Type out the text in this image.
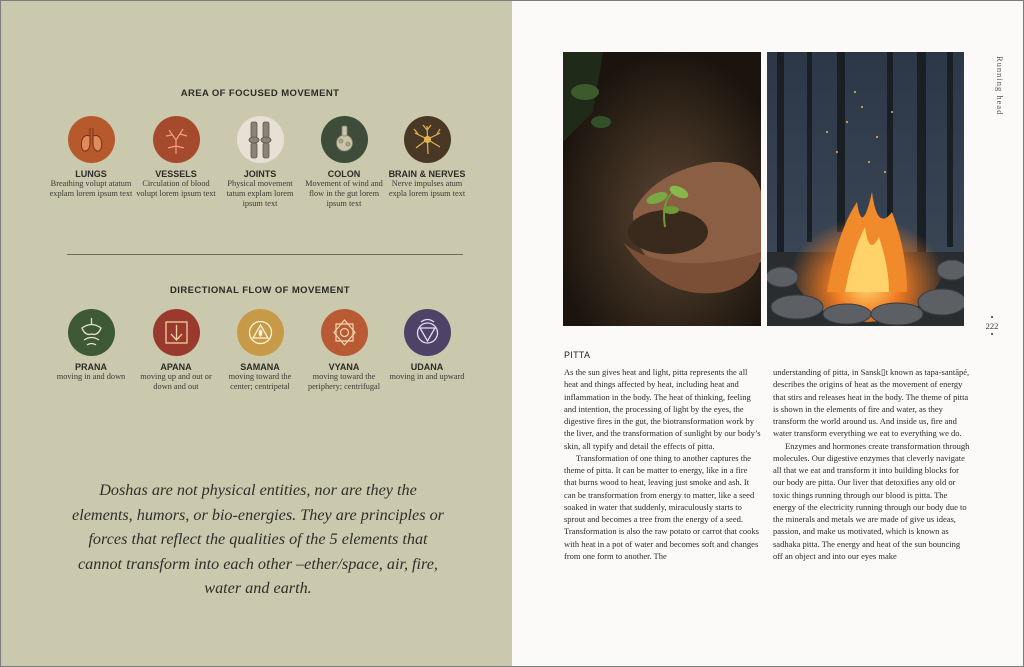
AREA OF FOCUSED MOVEMENT
LUNGS
Breathing volupt atatum explam lorem ipsum text
VESSELS
Circulation of blood volupt lorem ipsum text
JOINTS
Physical movement tatum explam lorem ipsum text
COLON
Movement of wind and flow in the gut lorem ipsum text
BRAIN & NERVES
Nerve impulses atum expla lorem ipsum text
DIRECTIONAL FLOW OF MOVEMENT
PRANA
moving in and down
APANA
moving up and out or down and out
SAMANA
moving toward the center; centripetal
VYANA
moving toward the periphery; centrifugal
UDANA
moving in and upward
Doshas are not physical entities, nor are they the elements, humors, or bio-energies. They are principles or forces that reflect the qualities of the 5 elements that cannot transform into each other –ether/space, air, fire, water and earth.
Running head
•
222
•
PITTA

As the sun gives heat and light, pitta represents the all heat and things affected by heat, including heat and inflammation in the body. The heat of thinking, feeling and intention, the processing of light by the eyes, the digestive fires in the gut, the biotransformation work by the liver, and the transformation of sunlight by our body’s skin, all typify and detail the effects of pitta.

Transformation of one thing to another captures the theme of pitta. It can be matter to energy, like in a fire that burns wood to heat, leaving just smoke and ash. It can be transformation from energy to matter, like a seed soaked in water that suddenly, miraculously starts to sprout and becomes a tree from the energy of a seed. Transformation is also the raw potato or carrot that cooks with heat in a pot of water and becomes soft and changes from one form to another. The

understanding of pitta, in Sansk▯t known as tapa-santāpé, describes the origins of heat as the movement of energy that stirs and releases heat in the body. The theme of pitta is shown in the elements of fire and water, as they transform the world around us. And inside us, fire and water transform everything we eat to everything we do.

Enzymes and hormones create transformation through molecules. Our digestive enzymes that cleverly navigate all that we eat and transform it into building blocks for our body are pitta. Our liver that detoxifies any old or toxic things running through our blood is pitta. The energy of the electricity running through our body due to the minerals and metals we are made of give us ideas, passion, and make us motivated, which is known as sadhaka pitta. The energy and heat of the sun bouncing off an object and into our eyes make
